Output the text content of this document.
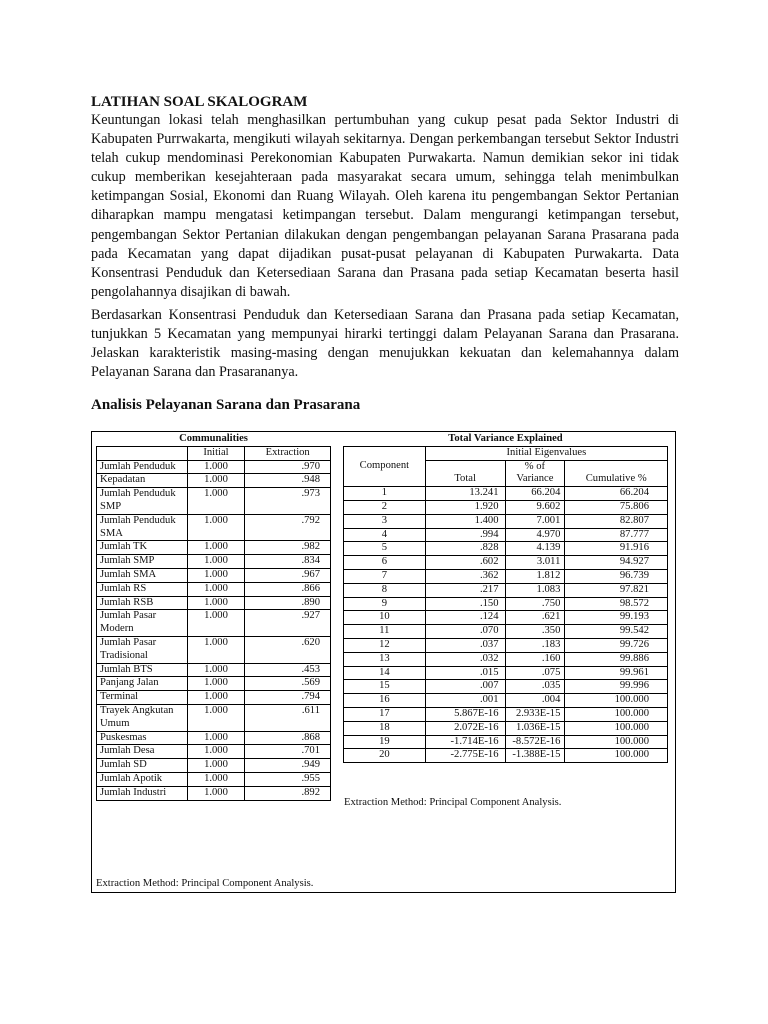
LATIHAN SOAL SKALOGRAM

Keuntungan lokasi telah menghasilkan pertumbuhan yang cukup pesat pada Sektor Industri di Kabupaten Purrwakarta, mengikuti wilayah sekitarnya. Dengan perkembangan tersebut Sektor Industri telah cukup mendominasi Perekonomian Kabupaten Purwakarta. Namun demikian sekor ini tidak cukup memberikan kesejahteraan pada masyarakat secara umum, sehingga telah menimbulkan ketimpangan Sosial, Ekonomi dan Ruang Wilayah. Oleh karena itu pengembangan Sektor Pertanian diharapkan mampu mengatasi ketimpangan tersebut. Dalam mengurangi ketimpangan tersebut, pengembangan Sektor Pertanian dilakukan dengan pengembangan pelayanan Sarana Prasarana pada pada Kecamatan yang dapat dijadikan pusat-pusat pelayanan di Kabupaten Purwakarta. Data Konsentrasi Penduduk dan Ketersediaan Sarana dan Prasana pada setiap Kecamatan beserta hasil pengolahannya disajikan di bawah.

Berdasarkan Konsentrasi Penduduk dan Ketersediaan Sarana dan Prasana pada setiap Kecamatan, tunjukkan 5 Kecamatan yang mempunyai hirarki tertinggi dalam Pelayanan Sarana dan Prasarana. Jelaskan karakteristik masing-masing dengan menujukkan kekuatan dan kelemahannya dalam Pelayanan Sarana dan Prasarananya.

Analisis Pelayanan Sarana dan Prasarana
Communalities		
	Initial	Extraction
Jumlah Penduduk	1.000	.970
Kepadatan	1.000	.948
Jumlah Penduduk SMP	1.000	.973
Jumlah Penduduk SMA	1.000	.792
Jumlah TK	1.000	.982
Jumlah SMP	1.000	.834
Jumlah SMA	1.000	.967
Jumlah RS	1.000	.866
Jumlah RSB	1.000	.890
Jumlah Pasar Modern	1.000	.927
Jumlah Pasar Tradisional	1.000	.620
Jumlah BTS	1.000	.453
Panjang Jalan	1.000	.569
Terminal	1.000	.794
Trayek Angkutan Umum	1.000	.611
Puskesmas	1.000	.868
Jumlah Desa	1.000	.701
Jumlah SD	1.000	.949
Jumlah Apotik	1.000	.955
Jumlah Industri	1.000	.892
Extraction Method: Principal Component Analysis.
Total Variance Explained			
Component	Initial Eigenvalues		
	Total	% of Variance	Cumulative %
1	13.241	66.204	66.204
2	1.920	9.602	75.806
3	1.400	7.001	82.807
4	.994	4.970	87.777
5	.828	4.139	91.916
6	.602	3.011	94.927
7	.362	1.812	96.739
8	.217	1.083	97.821
9	.150	.750	98.572
10	.124	.621	99.193
11	.070	.350	99.542
12	.037	.183	99.726
13	.032	.160	99.886
14	.015	.075	99.961
15	.007	.035	99.996
16	.001	.004	100.000
17	5.867E-16	2.933E-15	100.000
18	2.072E-16	1.036E-15	100.000
19	-1.714E-16	-8.572E-16	100.000
20	-2.775E-16	-1.388E-15	100.000
Extraction Method: Principal Component Analysis.
